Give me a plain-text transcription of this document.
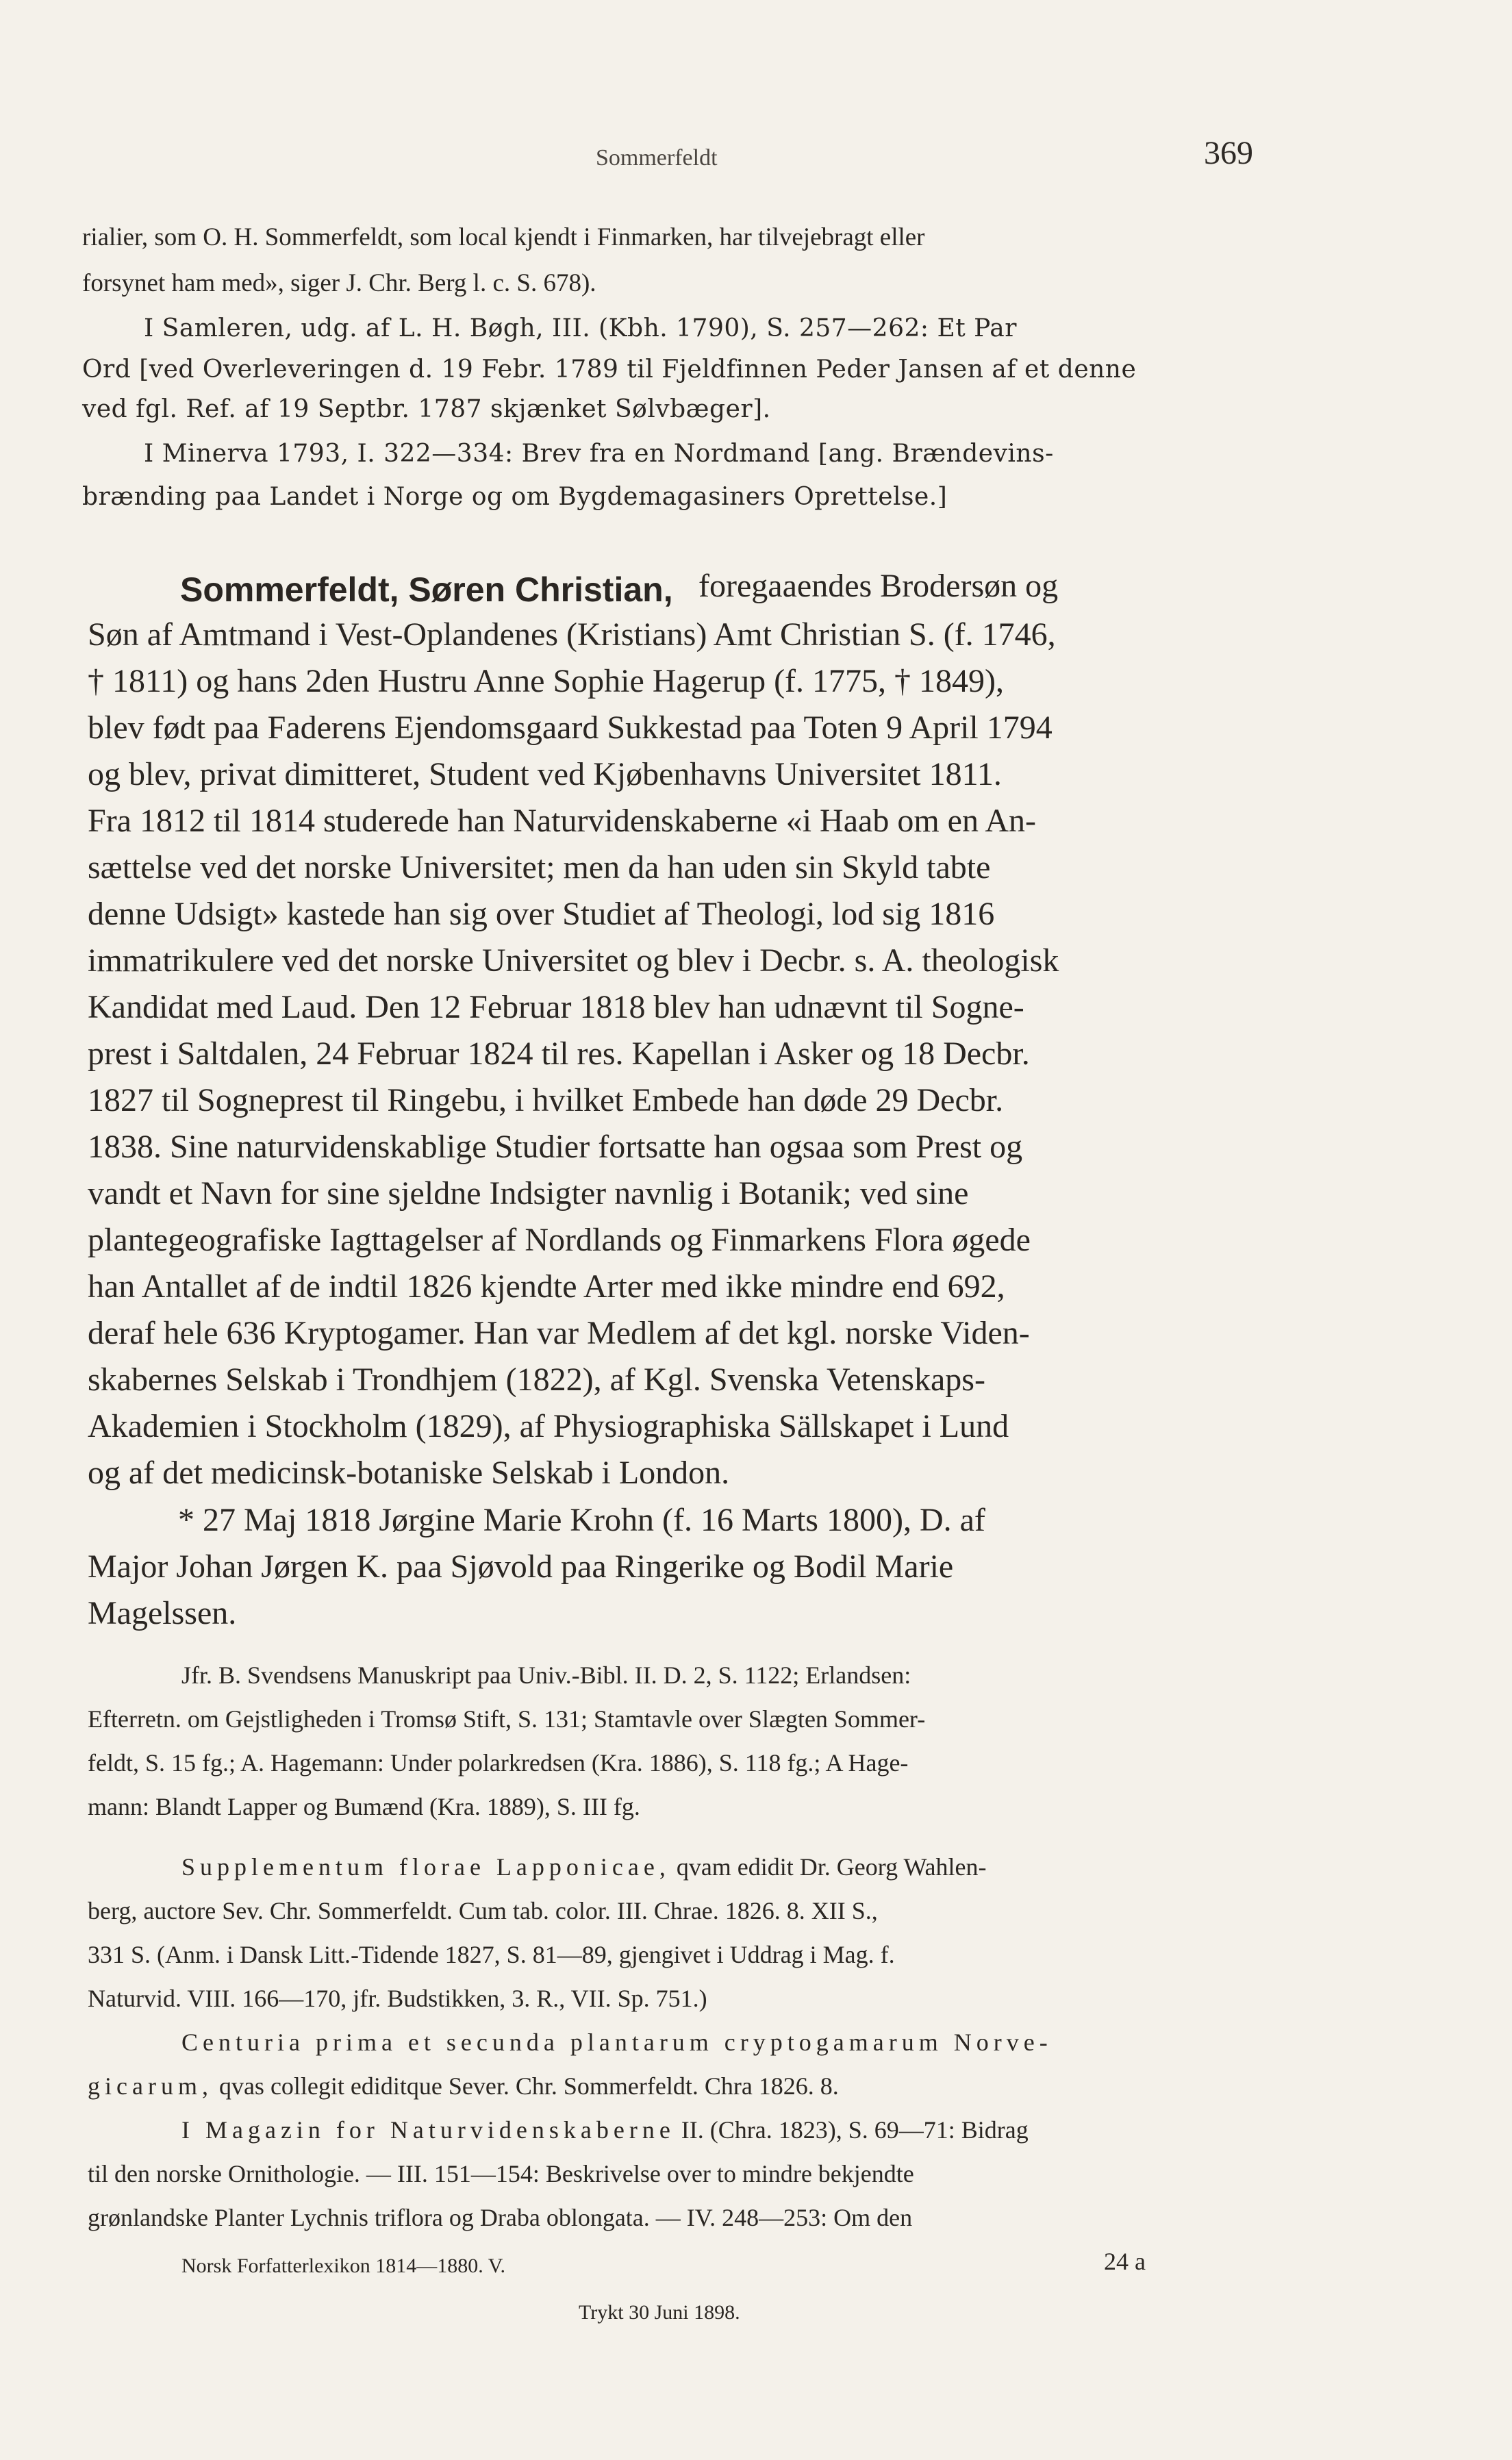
Sommerfeldt	369
rialier, som O. H. Sommerfeldt, som local kjendt i Finmarken, har tilvejebragt eller
forsynet ham med», siger J. Chr. Berg l. c. S. 678).
I Samleren, udg. af L. H. Bøgh, III. (Kbh. 1790), S. 257—262: Et Par
Ord [ved Overleveringen d. 19 Febr. 1789 til Fjeldfinnen Peder Jansen af et denne
ved fgl. Ref. af 19 Septbr. 1787 skjænket Sølvbæger].
I Minerva 1793, I. 322—334: Brev fra en Nordmand [ang. Brændevins-
brænding paa Landet i Norge og om Bygdemagasiners Oprettelse.]
Sommerfeldt, Søren Christian, foregaaendes Brodersøn og
Søn af Amtmand i Vest-Oplandenes (Kristians) Amt Christian S. (f. 1746,
† 1811) og hans 2den Hustru Anne Sophie Hagerup (f. 1775, † 1849),
blev født paa Faderens Ejendomsgaard Sukkestad paa Toten 9 April 1794
og blev, privat dimitteret, Student ved Kjøbenhavns Universitet 1811.
Fra 1812 til 1814 studerede han Naturvidenskaberne «i Haab om en An-
sættelse ved det norske Universitet; men da han uden sin Skyld tabte
denne Udsigt» kastede han sig over Studiet af Theologi, lod sig 1816
immatrikulere ved det norske Universitet og blev i Decbr. s. A. theologisk
Kandidat med Laud. Den 12 Februar 1818 blev han udnævnt til Sogne-
prest i Saltdalen, 24 Februar 1824 til res. Kapellan i Asker og 18 Decbr.
1827 til Sogneprest til Ringebu, i hvilket Embede han døde 29 Decbr.
1838. Sine naturvidenskablige Studier fortsatte han ogsaa som Prest og
vandt et Navn for sine sjeldne Indsigter navnlig i Botanik; ved sine
plantegeografiske Iagttagelser af Nordlands og Finmarkens Flora øgede
han Antallet af de indtil 1826 kjendte Arter med ikke mindre end 692,
deraf hele 636 Kryptogamer. Han var Medlem af det kgl. norske Viden-
skabernes Selskab i Trondhjem (1822), af Kgl. Svenska Vetenskaps-
Akademien i Stockholm (1829), af Physiographiska Sällskapet i Lund
og af det medicinsk-botaniske Selskab i London.
* 27 Maj 1818 Jørgine Marie Krohn (f. 16 Marts 1800), D. af
Major Johan Jørgen K. paa Sjøvold paa Ringerike og Bodil Marie
Magelssen.
Jfr. B. Svendsens Manuskript paa Univ.-Bibl. II. D. 2, S. 1122; Erlandsen:
Efterretn. om Gejstligheden i Tromsø Stift, S. 131; Stamtavle over Slægten Sommer-
feldt, S. 15 fg.; A. Hagemann: Under polarkredsen (Kra. 1886), S. 118 fg.; A Hage-
mann: Blandt Lapper og Bumænd (Kra. 1889), S. III fg.
Supplementum florae Lapponicae, qvam edidit Dr. Georg Wahlen-
berg, auctore Sev. Chr. Sommerfeldt. Cum tab. color. III. Chrae. 1826. 8. XII S.,
331 S. (Anm. i Dansk Litt.-Tidende 1827, S. 81—89, gjengivet i Uddrag i Mag. f.
Naturvid. VIII. 166—170, jfr. Budstikken, 3. R., VII. Sp. 751.)
Centuria prima et secunda plantarum cryptogamarum Norve-
gicarum, qvas collegit ediditque Sever. Chr. Sommerfeldt. Chra 1826. 8.
I Magazin for Naturvidenskaberne II. (Chra. 1823), S. 69—71: Bidrag
til den norske Ornithologie. — III. 151—154: Beskrivelse over to mindre bekjendte
grønlandske Planter Lychnis triflora og Draba oblongata. — IV. 248—253: Om den
Norsk Forfatterlexikon 1814—1880. V.	24 a
Trykt 30 Juni 1898.
